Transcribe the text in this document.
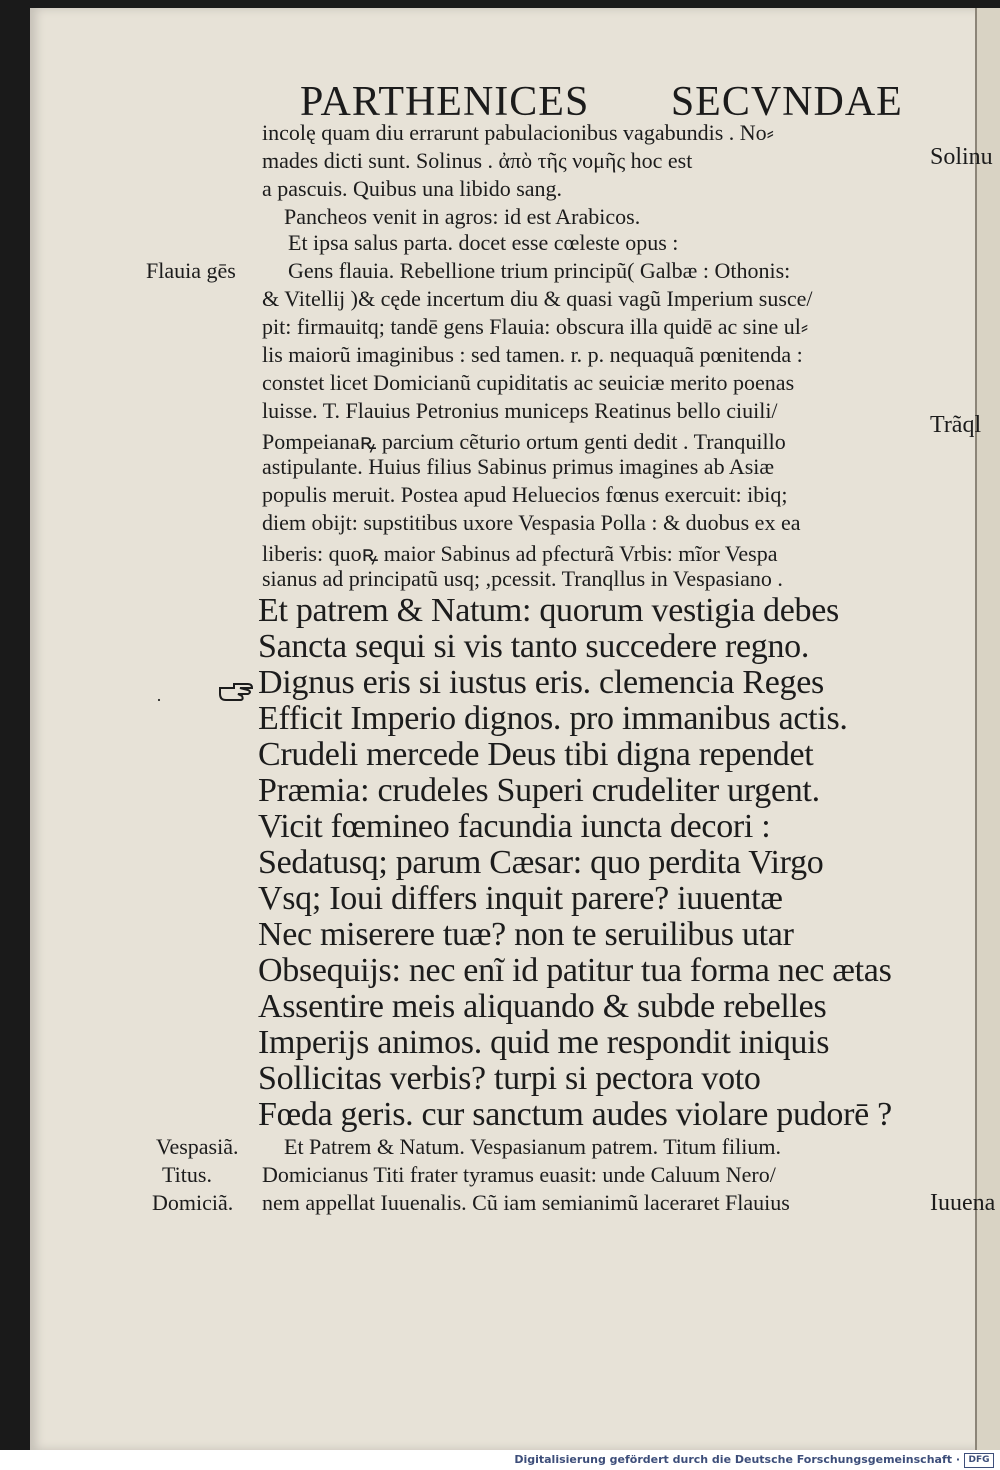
PARTHENICES SECVNDAE
incolę quam diu errarunt pabulacionibus vagabundis . No⸗
mades dicti sunt. Solinus . ἀπὸ τῆς νομῆς hoc est
a pascuis. Quibus una libido sang.
Pancheos venit in agros: id est Arabicos.
Et ipsa salus parta. docet esse cœleste opus :
Gens flauia. Rebellione trium principũ( Galbæ : Othonis:
& Vitellĳ )& cęde incertum diu & quasi vagũ Imperium susce/
pit: firmauitq; tandē gens Flauia: obscura illa quidē ac sine ul⸗
lis maiorũ imaginibus : sed tamen. r. p. nequaquã pœnitenda :
constet licet Domicianũ cupiditatis ac seuiciæ merito poenas
luisse. T. Flauius Petronius municeps Reatinus bello ciuili/
Pompeianaꝶ parcium cẽturio ortum genti dedit . Tranquillo
astipulante. Huius filius Sabinus primus imagines ab Asiæ
populis meruit. Postea apud Heluecios fœnus exercuit: ibiq;
diem obĳt: supstitibus uxore Vespasia Polla : & duobus ex ea
liberis: quoꝶ maior Sabinus ad pfecturã Vrbis: mĩor Vespa
sianus ad principatũ usq; ,pcessit. Tranqllus in Vespasiano .
Et patrem & Natum: quorum vestigia debes
Sancta sequi si vis tanto succedere regno.
Dignus eris si iustus eris. clemencia Reges
Efficit Imperio dignos. pro immanibus actis.
Crudeli mercede Deus tibi digna rependet
Præmia: crudeles Superi crudeliter urgent.
Vicit fœmineo facundia iuncta decori :
Sedatusq; parum Cæsar: quo perdita Virgo
Vsq; Ioui differs inquit parere? iuuentæ
Nec miserere tuæ? non te seruilibus utar
Obsequĳs: nec enĩ id patitur tua forma nec ætas
Assentire meis aliquando & subde rebelles
Imperĳs animos. quid me respondit iniquis
Sollicitas verbis? turpi si pectora voto
Fœda geris. cur sanctum audes violare pudorē ?
Et Patrem & Natum. Vespasianum patrem. Titum filium.
Domicianus Titi frater tyramus euasit: unde Caluum Nero/
nem appellat Iuuenalis. Cũ iam semianimũ laceraret Flauius
Flauia gēs
Vespasiã.
Titus.
Domiciã.
Solinu
Trãql
Iuuena
·
Digitalisierung gefördert durch die Deutsche Forschungsgemeinschaft · DFG
